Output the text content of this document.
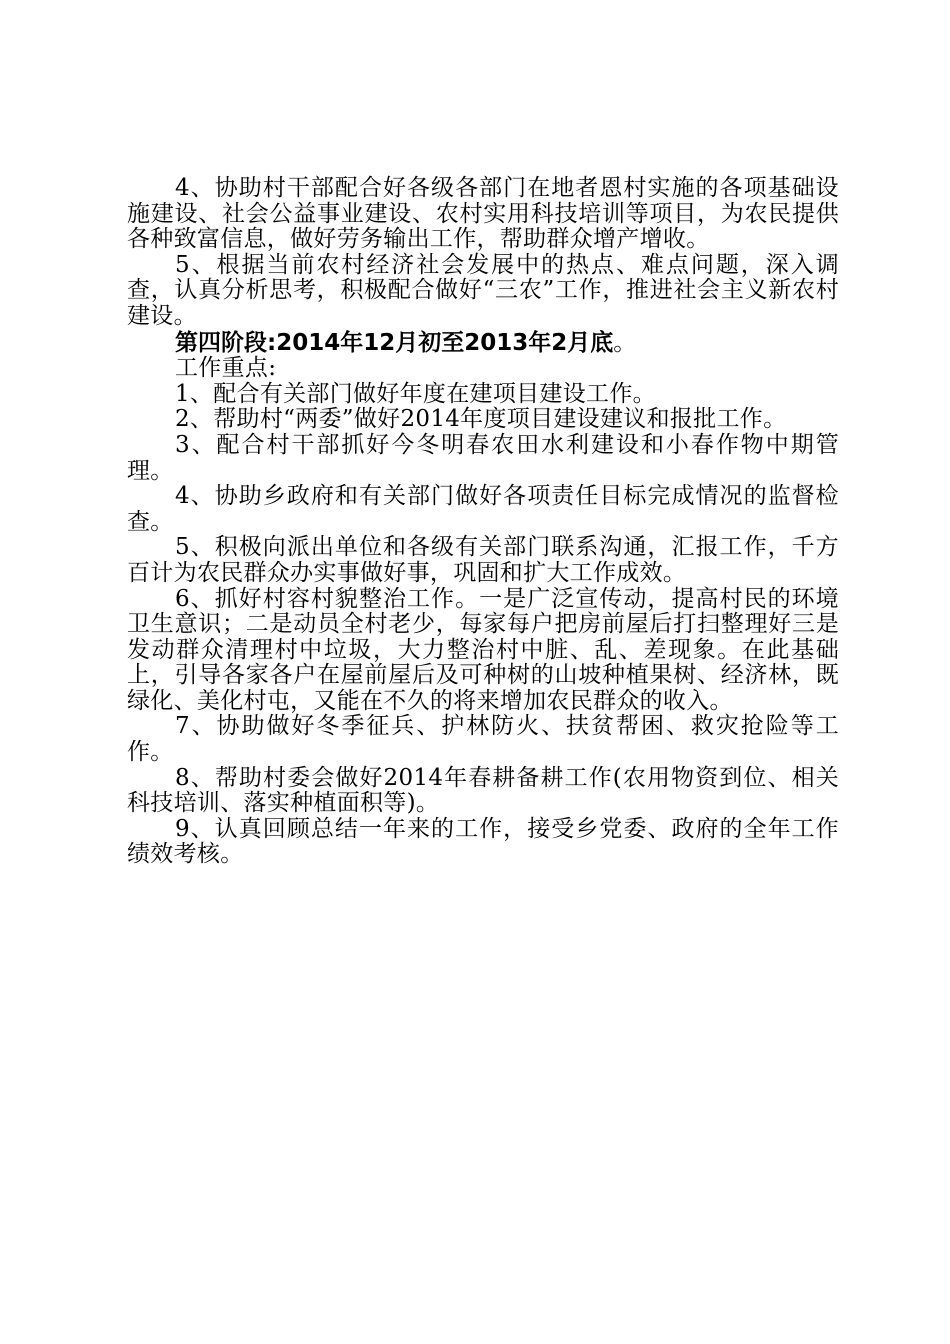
4、协助村干部配合好各级各部门在地者恩村实施的各项基础设施建设、社会公益事业建设、农村实用科技培训等项目，为农民提供各种致富信息，做好劳务输出工作，帮助群众增产增收。

5、根据当前农村经济社会发展中的热点、难点问题，深入调查，认真分析思考，积极配合做好“三农”工作，推进社会主义新农村建设。

第四阶段:2014年12月初至2013年2月底。

工作重点:

1、配合有关部门做好年度在建项目建设工作。

2、帮助村“两委”做好2014年度项目建设建议和报批工作。

3、配合村干部抓好今冬明春农田水利建设和小春作物中期管理。

4、协助乡政府和有关部门做好各项责任目标完成情况的监督检查。

5、积极向派出单位和各级有关部门联系沟通，汇报工作，千方百计为农民群众办实事做好事，巩固和扩大工作成效。

6、抓好村容村貌整治工作。一是广泛宣传动，提高村民的环境卫生意识；二是动员全村老少，每家每户把房前屋后打扫整理好三是发动群众清理村中垃圾，大力整治村中脏、乱、差现象。在此基础上，引导各家各户在屋前屋后及可种树的山坡种植果树、经济林，既绿化、美化村屯，又能在不久的将来增加农民群众的收入。

7、协助做好冬季征兵、护林防火、扶贫帮困、救灾抢险等工作。

8、帮助村委会做好2014年春耕备耕工作(农用物资到位、相关科技培训、落实种植面积等)。

9、认真回顾总结一年来的工作，接受乡党委、政府的全年工作绩效考核。
